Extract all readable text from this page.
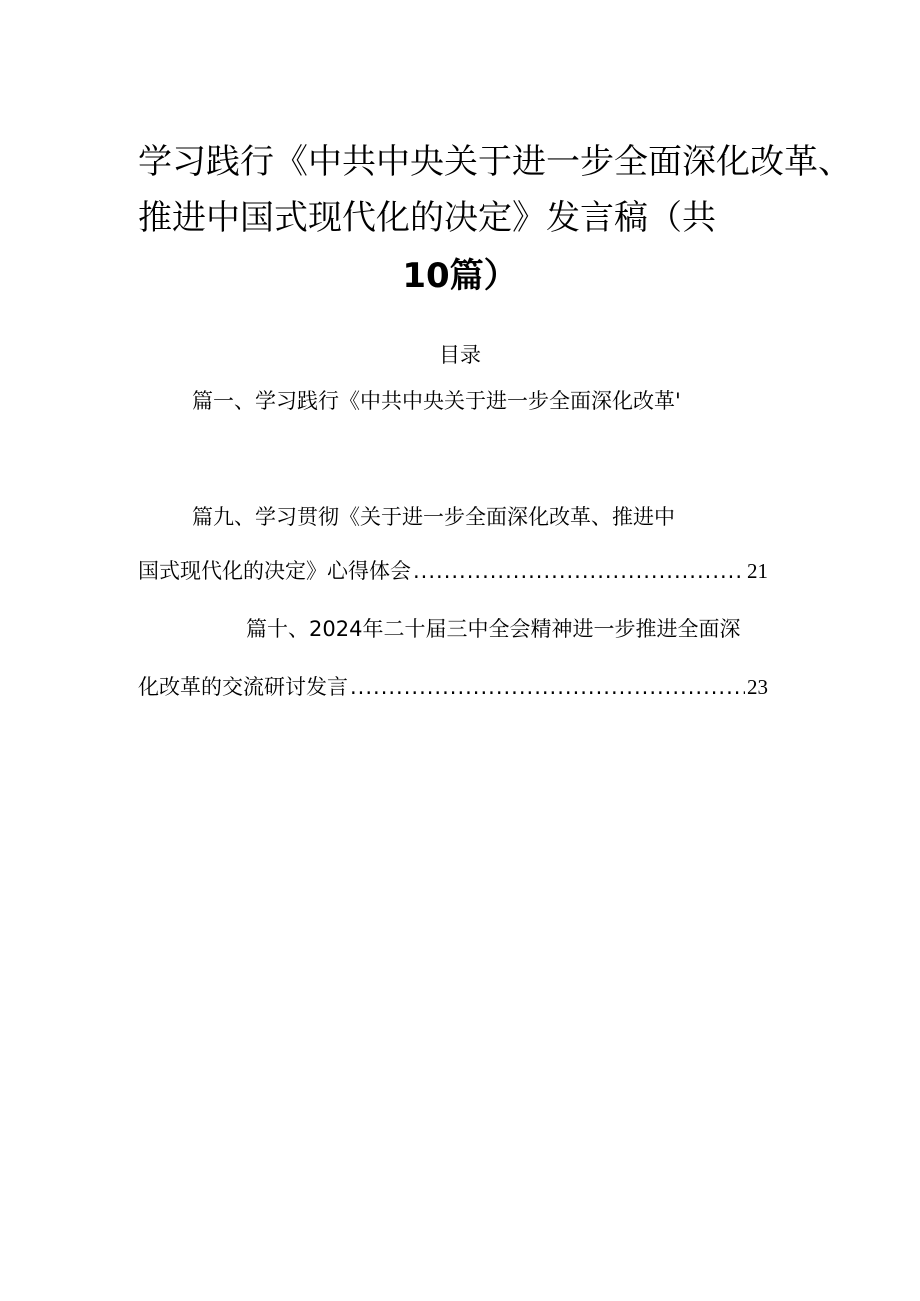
学习践行《中共中央关于进一步全面深化改革、
推进中国式现代化的决定》发言稿（共
10篇）
目录
篇一、学习践行《中共中央关于进一步全面深化改革'
篇九、学习贯彻《关于进一步全面深化改革、推进中
国式现代化的决定》心得体会 .....	21
篇十、2024年二十届三中全会精神进一步推进全面深
化改革的交流研讨发言 .....	23
